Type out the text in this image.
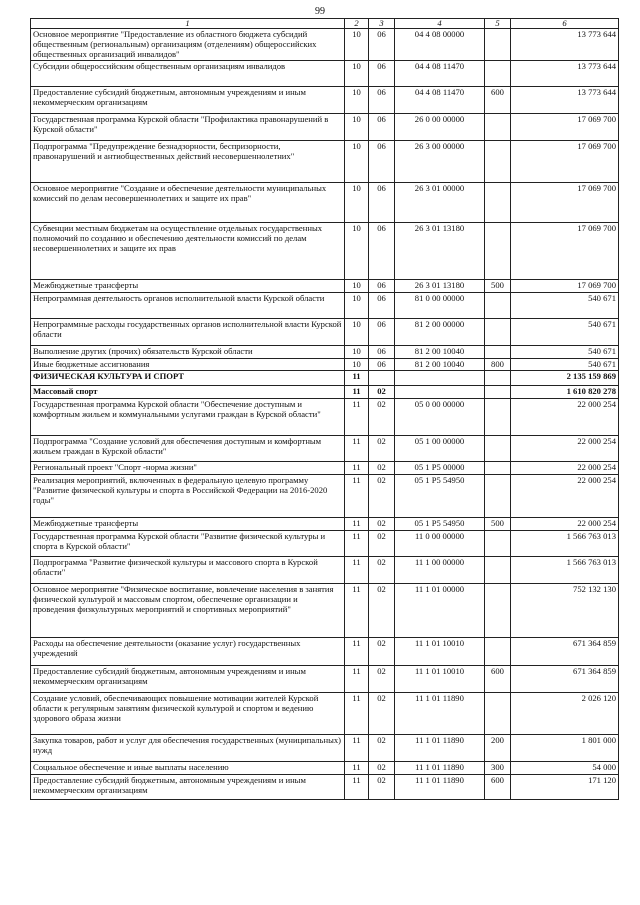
99
1	2	3	4	5	6
Основное мероприятие "Предоставление из областного бюджета субсидий общественным (региональным) организациям (отделениям) общероссийских общественных организаций инвалидов"	10	06	04 4 08 00000		13 773 644
Субсидии общероссийским общественным организациям инвалидов	10	06	04 4 08 11470		13 773 644
Предоставление субсидий бюджетным, автономным учреждениям и иным некоммерческим организациям	10	06	04 4 08 11470	600	13 773 644
Государственная программа Курской области "Профилактика правонарушений в Курской области"	10	06	26 0 00 00000		17 069 700
Подпрограмма "Предупреждение безнадзорности, беспризорности, правонарушений и антиобщественных действий несовершеннолетних"	10	06	26 3 00 00000		17 069 700
Основное мероприятие "Создание и обеспечение деятельности муниципальных комиссий по делам несовершеннолетних и защите их прав"	10	06	26 3 01 00000		17 069 700
Субвенции местным бюджетам на осуществление отдельных государственных полномочий по созданию и обеспечению деятельности комиссий по делам несовершеннолетних и защите их прав	10	06	26 3 01 13180		17 069 700
Межбюджетные трансферты	10	06	26 3 01 13180	500	17 069 700
Непрограммная деятельность органов исполнительной власти Курской области	10	06	81 0 00 00000		540 671
Непрограммные расходы государственных органов исполнительной власти Курской области	10	06	81 2 00 00000		540 671
Выполнение других (прочих) обязательств Курской области	10	06	81 2 00 10040		540 671
Иные бюджетные ассигнования	10	06	81 2 00 10040	800	540 671
ФИЗИЧЕСКАЯ КУЛЬТУРА И СПОРТ	11				2 135 159 869
Массовый спорт	11	02			1 610 820 278
Государственная программа Курской области "Обеспечение доступным и комфортным жильем и коммунальными услугами граждан в Курской области"	11	02	05 0 00 00000		22 000 254
Подпрограмма "Создание условий для обеспечения доступным и комфортным жильем граждан в Курской области"	11	02	05 1 00 00000		22 000 254
Региональный проект "Спорт -норма жизни"	11	02	05 1 P5 00000		22 000 254
Реализация мероприятий, включенных в федеральную целевую программу "Развитие физической культуры и спорта в Российской Федерации на 2016-2020 годы"	11	02	05 1 P5 54950		22 000 254
Межбюджетные трансферты	11	02	05 1 P5 54950	500	22 000 254
Государственная программа Курской области "Развитие физической культуры и спорта в Курской области"	11	02	11 0 00 00000		1 566 763 013
Подпрограмма "Развитие физической культуры и массового спорта в Курской области"	11	02	11 1 00 00000		1 566 763 013
Основное мероприятие "Физическое воспитание, вовлечение населения в занятия физической культурой и массовым спортом, обеспечение организации и проведения физкультурных мероприятий и спортивных мероприятий"	11	02	11 1 01 00000		752 132 130
Расходы на обеспечение деятельности (оказание услуг) государственных учреждений	11	02	11 1 01 10010		671 364 859
Предоставление субсидий бюджетным, автономным учреждениям и иным некоммерческим организациям	11	02	11 1 01 10010	600	671 364 859
Создание условий, обеспечивающих повышение мотивации жителей Курской области к регулярным занятиям физической культурой и спортом и ведению здорового образа жизни	11	02	11 1 01 11890		2 026 120
Закупка товаров, работ и услуг для обеспечения государственных (муниципальных) нужд	11	02	11 1 01 11890	200	1 801 000
Социальное обеспечение и иные выплаты населению	11	02	11 1 01 11890	300	54 000
Предоставление субсидий бюджетным, автономным учреждениям и иным некоммерческим организациям	11	02	11 1 01 11890	600	171 120
